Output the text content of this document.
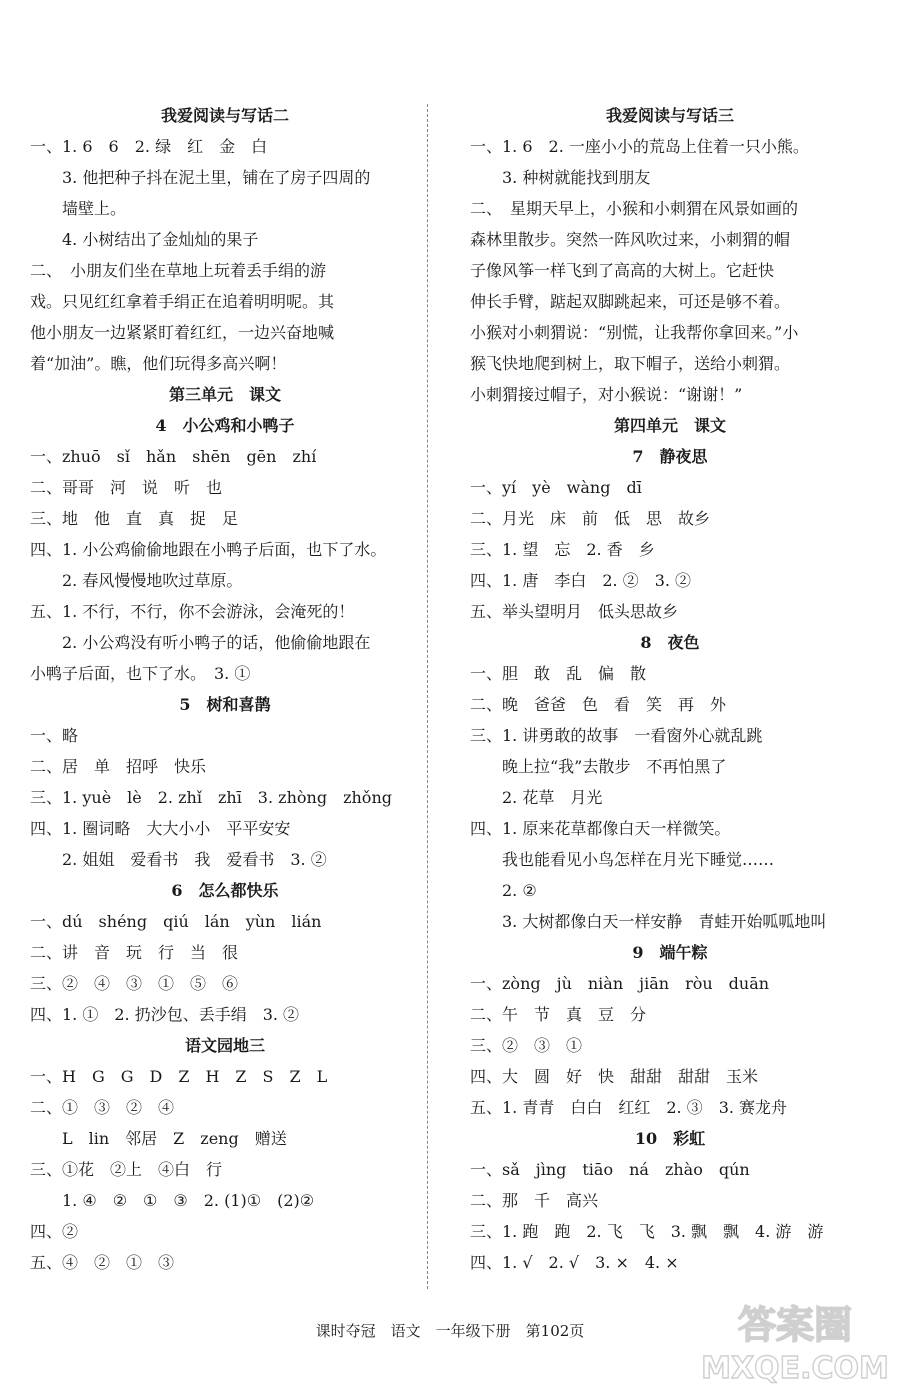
我爱阅读与写话二
一、1. 6　6　2. 绿　红　金　白
3. 他把种子抖在泥土里，铺在了房子四周的
墙壁上。
4. 小树结出了金灿灿的果子
二、　小朋友们坐在草地上玩着丢手绢的游
戏。只见红红拿着手绢正在追着明明呢。其
他小朋友一边紧紧盯着红红，一边兴奋地喊
着“加油”。瞧，他们玩得多高兴啊！
第三单元　课文
4　小公鸡和小鸭子
一、zhuō　sǐ　hǎn　shēn　gēn　zhí
二、哥哥　河　说　听　也
三、地　他　直　真　捉　足
四、1. 小公鸡偷偷地跟在小鸭子后面，也下了水。
2. 春风慢慢地吹过草原。
五、1. 不行，不行，你不会游泳，会淹死的！
2. 小公鸡没有听小鸭子的话，他偷偷地跟在
小鸭子后面，也下了水。　3. ①
5　树和喜鹊
一、略
二、居　单　招呼　快乐
三、1. yuè　lè　2. zhǐ　zhī　3. zhòng　zhǒng
四、1. 圈词略　大大小小　平平安安
2. 姐姐　爱看书　我　爱看书　3. ②
6　怎么都快乐
一、dú　shéng　qiú　lán　yùn　lián
二、讲　音　玩　行　当　很
三、②　④　③　①　⑤　⑥
四、1. ①　2. 扔沙包、丢手绢　3. ②
语文园地三
一、H　G　G　D　Z　H　Z　S　Z　L
二、①　③　②　④
L　lin　邻居　Z　zeng　赠送
三、①花　②上　④白　行
1. ④　②　①　③　2. (1)①　(2)②
四、②
五、④　②　①　③
我爱阅读与写话三
一、1. 6　2. 一座小小的荒岛上住着一只小熊。
3. 种树就能找到朋友
二、　星期天早上，小猴和小刺猬在风景如画的
森林里散步。突然一阵风吹过来，小刺猬的帽
子像风筝一样飞到了高高的大树上。它赶快
伸长手臂，踮起双脚跳起来，可还是够不着。
小猴对小刺猬说：“别慌，让我帮你拿回来。”小
猴飞快地爬到树上，取下帽子，送给小刺猬。
小刺猬接过帽子，对小猴说：“谢谢！”
第四单元　课文
7　静夜思
一、yí　yè　wàng　dī
二、月光　床　前　低　思　故乡
三、1. 望　忘　2. 香　乡
四、1. 唐　李白　2. ②　3. ②
五、举头望明月　低头思故乡
8　夜色
一、胆　敢　乱　偏　散
二、晚　爸爸　色　看　笑　再　外
三、1. 讲勇敢的故事　一看窗外心就乱跳
晚上拉“我”去散步　不再怕黑了
2. 花草　月光
四、1. 原来花草都像白天一样微笑。
我也能看见小鸟怎样在月光下睡觉……
2. ②
3. 大树都像白天一样安静　青蛙开始呱呱地叫
9　端午粽
一、zòng　jù　niàn　jiān　ròu　duān
二、午　节　真　豆　分
三、②　③　①
四、大　圆　好　快　甜甜　甜甜　玉米
五、1. 青青　白白　红红　2. ③　3. 赛龙舟
10　彩虹
一、sǎ　jìng　tiāo　ná　zhào　qún
二、那　千　高兴
三、1. 跑　跑　2. 飞　飞　3. 飘　飘　4. 游　游
四、1. √　2. √　3. ×　4. ×
课时夺冠　语文　一年级下册　第102页	答案圈
MXQE.COM
